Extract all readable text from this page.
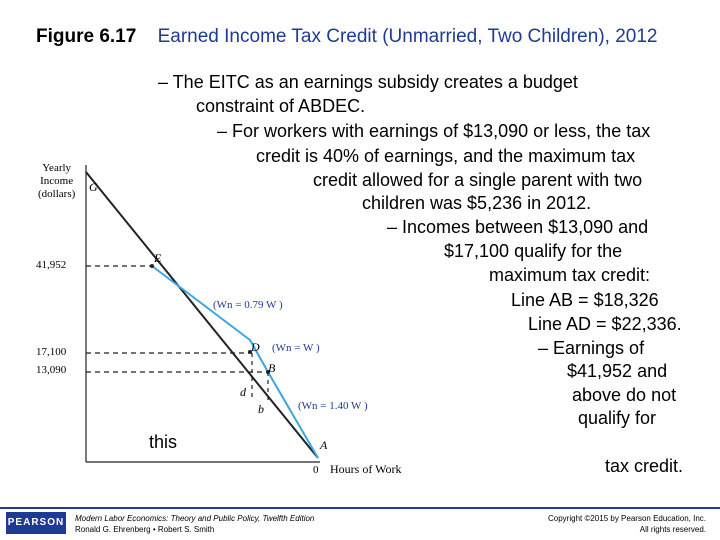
Figure 6.17 Earned Income Tax Credit (Unmarried, Two Children), 2012
Yearly
Income
(dollars)
41,952
17,100
13,090
G
E
D
B
d
b
A
(Wn = 0.79 W )
(Wn = W )
(Wn = 1.40 W )
0 Hours of Work
– The EITC as an earnings subsidy creates a budget
constraint of ABDEC.
– For workers with earnings of $13,090 or less, the tax
credit is 40% of earnings, and the maximum tax
credit allowed for a single parent with two
children was $5,236 in 2012.
– Incomes between $13,090 and
$17,100 qualify for the
maximum tax credit:
Line AB = $18,326
Line AD = $22,336.
– Earnings of
$41,952 and
above do not
qualify for
this
tax credit.
PEARSON Modern Labor Economics: Theory and Public Policy, Twelfth Edition
Ronald G. Ehrenberg • Robert S. Smith
Copyright ©2015 by Pearson Education, Inc.
All rights reserved.
